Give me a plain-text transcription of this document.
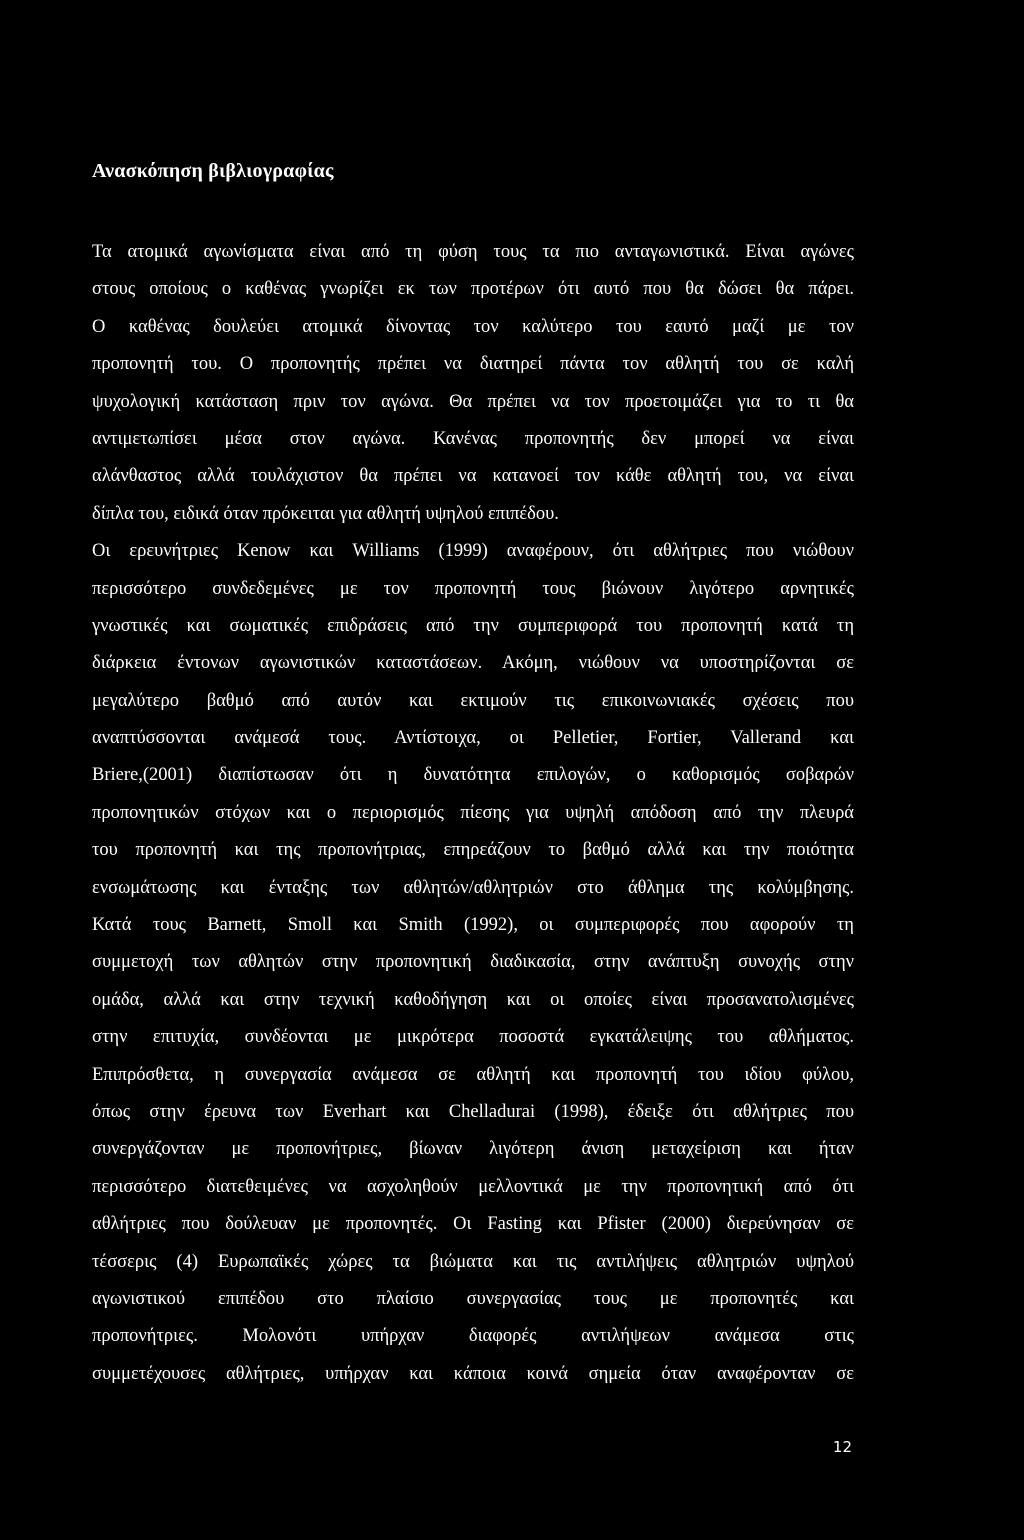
Ανασκόπηση βιβλιογραφίας
Τα ατομικά αγωνίσματα είναι από τη φύση τους τα πιο ανταγωνιστικά. Είναι αγώνες
στους οποίους ο καθένας γνωρίζει εκ των προτέρων ότι αυτό που θα δώσει θα πάρει.
Ο καθένας δουλεύει ατομικά δίνοντας τον καλύτερο του εαυτό μαζί με τον
προπονητή του. Ο προπονητής πρέπει να διατηρεί πάντα τον αθλητή του σε καλή
ψυχολογική κατάσταση πριν τον αγώνα. Θα πρέπει να τον προετοιμάζει για το τι θα
αντιμετωπίσει μέσα στον αγώνα. Κανένας προπονητής δεν μπορεί να είναι
αλάνθαστος αλλά τουλάχιστον θα πρέπει να κατανοεί τον κάθε αθλητή του, να είναι
δίπλα του, ειδικά όταν πρόκειται για αθλητή υψηλού επιπέδου.
Οι ερευνήτριες Kenow και Williams (1999) αναφέρουν, ότι αθλήτριες που νιώθουν
περισσότερο συνδεδεμένες με τον προπονητή τους βιώνουν λιγότερο αρνητικές
γνωστικές και σωματικές επιδράσεις από την συμπεριφορά του προπονητή κατά τη
διάρκεια έντονων αγωνιστικών καταστάσεων. Ακόμη, νιώθουν να υποστηρίζονται σε
μεγαλύτερο βαθμό από αυτόν και εκτιμούν τις επικοινωνιακές σχέσεις που
αναπτύσσονται ανάμεσά τους. Αντίστοιχα, οι Pelletier, Fortier, Vallerand και
Briere,(2001) διαπίστωσαν ότι η δυνατότητα επιλογών, ο καθορισμός σοβαρών
προπονητικών στόχων και ο περιορισμός πίεσης για υψηλή απόδοση από την πλευρά
του προπονητή και της προπονήτριας, επηρεάζουν το βαθμό αλλά και την ποιότητα
ενσωμάτωσης και ένταξης των αθλητών/αθλητριών στο άθλημα της κολύμβησης.
Κατά τους Barnett, Smoll και Smith (1992), οι συμπεριφορές που αφορούν τη
συμμετοχή των αθλητών στην προπονητική διαδικασία, στην ανάπτυξη συνοχής στην
ομάδα, αλλά και στην τεχνική καθοδήγηση και οι οποίες είναι προσανατολισμένες
στην επιτυχία, συνδέονται με μικρότερα ποσοστά εγκατάλειψης του αθλήματος.
Επιπρόσθετα, η συνεργασία ανάμεσα σε αθλητή και προπονητή του ιδίου φύλου,
όπως στην έρευνα των Everhart και Chelladurai (1998), έδειξε ότι αθλήτριες που
συνεργάζονταν με προπονήτριες, βίωναν λιγότερη άνιση μεταχείριση και ήταν
περισσότερο διατεθειμένες να ασχοληθούν μελλοντικά με την προπονητική από ότι
αθλήτριες που δούλευαν με προπονητές. Οι Fasting και Pfister (2000) διερεύνησαν σε
τέσσερις (4) Ευρωπαϊκές χώρες τα βιώματα και τις αντιλήψεις αθλητριών υψηλού
αγωνιστικού επιπέδου στο πλαίσιο συνεργασίας τους με προπονητές και
προπονήτριες. Μολονότι υπήρχαν διαφορές αντιλήψεων ανάμεσα στις
συμμετέχουσες αθλήτριες, υπήρχαν και κάποια κοινά σημεία όταν αναφέρονταν σε
12
